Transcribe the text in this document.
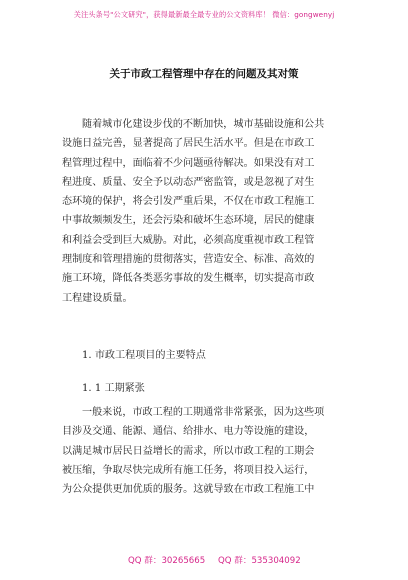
关注头条号"公文研究"，获得最新最全最专业的公文资料库！ 微信：gongwenyj
关于市政工程管理中存在的问题及其对策
随着城市化建设步伐的不断加快，城市基础设施和公共
设施日益完善，显著提高了居民生活水平。但是在市政工
程管理过程中，面临着不少问题亟待解决。如果没有对工
程进度、质量、安全予以动态严密监管，或是忽视了对生
态环境的保护，将会引发严重后果，不仅在市政工程施工
中事故频频发生，还会污染和破坏生态环境，居民的健康
和利益会受到巨大威胁。对此，必须高度重视市政工程管
理制度和管理措施的贯彻落实，营造安全、标准、高效的
施工环境，降低各类恶劣事故的发生概率，切实提高市政
工程建设质量。
1. 市政工程项目的主要特点
1. 1 工期紧张
一般来说，市政工程的工期通常非常紧张，因为这些项
目涉及交通、能源、通信、给排水、电力等设施的建设，
以满足城市居民日益增长的需求，所以市政工程的工期会
被压缩，争取尽快完成所有施工任务，将项目投入运行，
为公众提供更加优质的服务。这就导致在市政工程施工中
QQ 群：30265665 QQ 群：535304092
